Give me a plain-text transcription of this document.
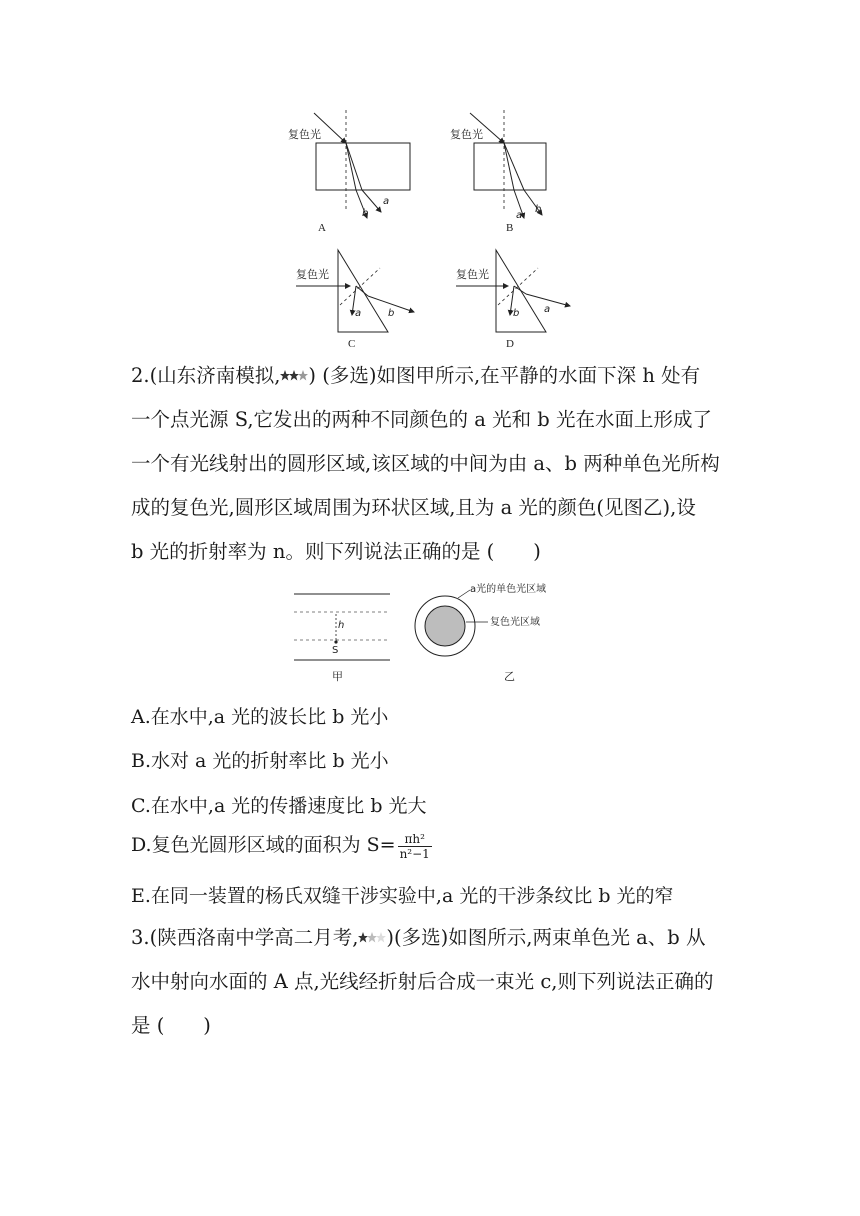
复色光
b
a
A
复色光
a
b
B
复色光
a	b
C
复色光
b a
D
2.(山东济南模拟, ) (多选)如图甲所示,在平静的水面下深 h 处有
一个点光源 S,它发出的两种不同颜色的 a 光和 b 光在水面上形成了
一个有光线射出的圆形区域,该区域的中间为由 a、b 两种单色光所构
成的复色光,圆形区域周围为环状区域,且为 a 光的颜色(见图乙),设
b 光的折射率为 n。则下列说法正确的是 (　　)
h
S
甲
a光的单色光区域
复色光区域
乙
A.在水中,a 光的波长比 b 光小
B.水对 a 光的折射率比 b 光小
C.在水中,a 光的传播速度比 b 光大
D.复色光圆形区域的面积为 $S= \frac{\text{πh²}}{\text{n²−1}}$
E.在同一装置的杨氏双缝干涉实验中,a 光的干涉条纹比 b 光的窄
3.(陕西洛南中学高二月考, )(多选)如图所示,两束单色光 a、b 从
水中射向水面的 A 点,光线经折射后合成一束光 c,则下列说法正确的
是 (　　)
